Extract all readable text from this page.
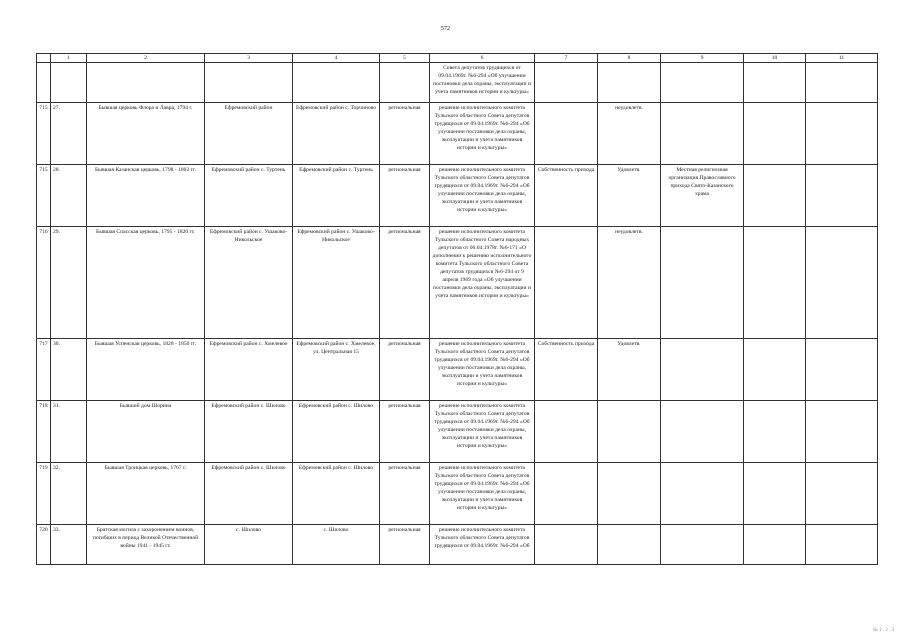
572
	1	2	3	4	5	6	7	8	9	10	11
						Совета депутатов трудящихся от 09.04.1969г. №6-294 «Об улучшении постановки дела охраны, эксплуатации и учета памятников истории и культуры»					
715	27.	Бывшая церковь Флора и Лавра, 1794 г.	Ефремовский район	Ефремовский район с. Торчиново	региональная	решение исполнительного комитета Тульского областного Совета депутатов трудящихся от 09.04.1969г. №6-294 «Об улучшении постановки дела охраны, эксплуатации и учета памятников истории и культуры»		неудовлетв.			
715	28.	Бывшая Казанская церковь, 1798 - 1802 гг.	Ефремовский район с. Туртень	Ефремовский район с. Туртень	региональная	решение исполнительного комитета Тульского областного Совета депутатов трудящихся от 09.04.1969г. №6-294 «Об улучшении постановки дела охраны, эксплуатации и учета памятников истории и культуры»	Собственность прихода	Удовлетв.	Местная религиозная организация Православного прихода Свято-Казанского храма		
716	29.	Бывшая Спасская церковь, 1795 - 1820 гг.	Ефремовский район с. Ушаково-Никольское	Ефремовский район с. Ушаково-Никольское	региональная	решение исполнительного комитета Тульского областного Совета народных депутатов от 06.04.1978г. №6-171 «О дополнении к решению исполнительного комитета Тульского областного Совета депутатов трудящихся №6-294 от 9 апреля 1969 года «Об улучшении постановки дела охраны, эксплуатации и учета памятников истории и культуры»		неудовлетв.			
717	30.	Бывшая Успенская церковь, 1828 - 1850 гг.	Ефремовский район с. Хмелевое	Ефремовский район с. Хмелевое, ул. Центральная 15	региональная	решение исполнительного комитета Тульского областного Совета депутатов трудящихся от 09.04.1969г. №6-294 «Об улучшении постановки дела охраны, эксплуатации и учета памятников истории и культуры»	Собственность прихода	Удовлетв.			
718	31.	Бывший дом Шорина	Ефремовский район с. Шилово	Ефремовский район с. Шилово	региональная	решение исполнительного комитета Тульского областного Совета депутатов трудящихся от 09.04.1969г. №6-294 «Об улучшении постановки дела охраны, эксплуатации и учета памятников истории и культуры»					
719	32.	Бывшая Троицкая церковь, 1767 г.	Ефремовский район с. Шилово	Ефремовский район с. Шилово	региональная	решение исполнительного комитета Тульского областного Совета депутатов трудящихся от 09.04.1969г. №6-294 «Об улучшении постановки дела охраны, эксплуатации и учета памятников истории и культуры»					
720	33.	Братская могила с захоронением воинов, погибших в период Великой Отечественной войны 1941 - 1945 гг.	с. Шилово	с. Шилово	региональная	решение исполнительного комитета Тульского областного Совета депутатов трудящихся от 09.04.1969г. №6-294 «Об					
№ 1 . 2 . 3
